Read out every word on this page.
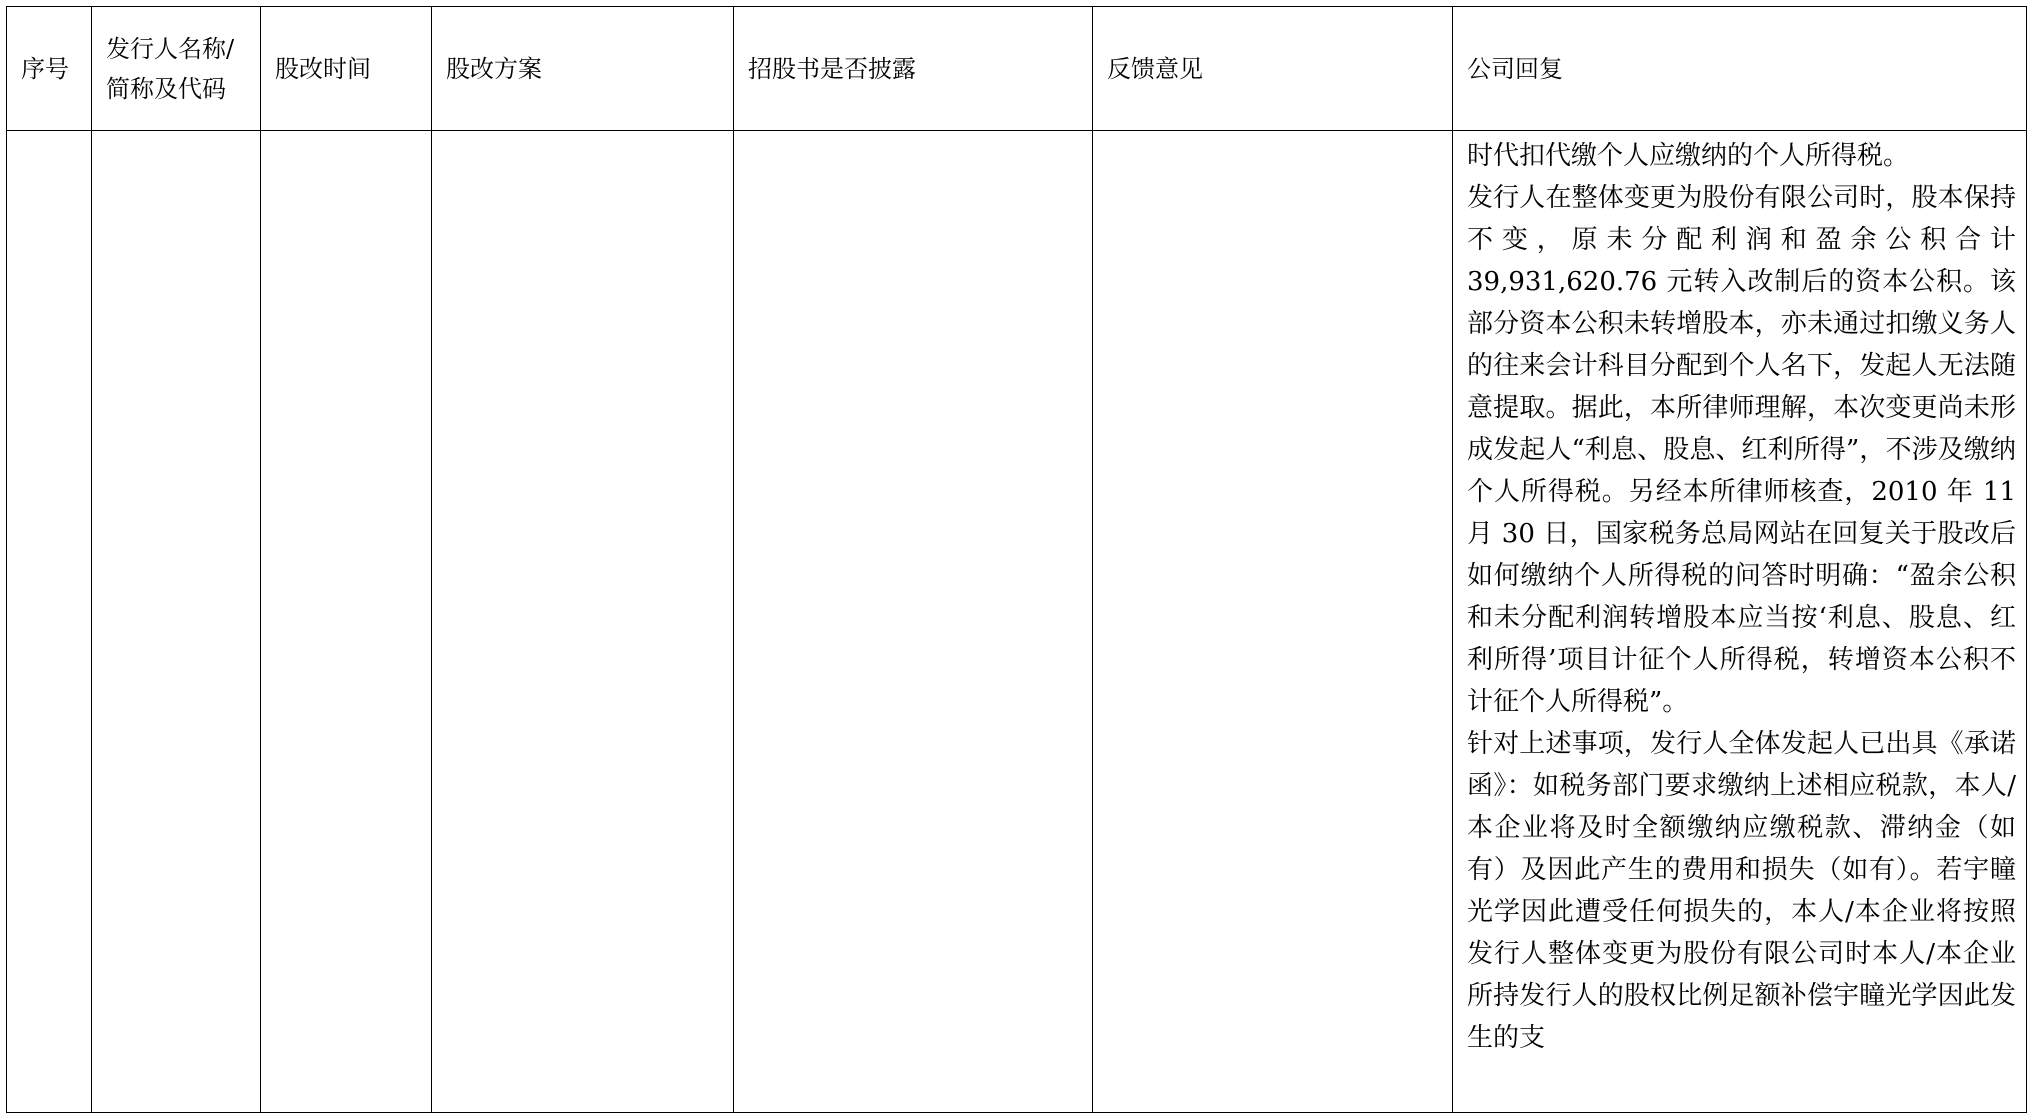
序号	发行人名称/简称及代码	股改时间	股改方案	招股书是否披露	反馈意见	公司回复

						时代扣代缴个人应缴纳的个人所得税。

发行人在整体变更为股份有限公司时，股本保持不变，原未分配利润和盈余公积合计39,931,620.76 元转入改制后的资本公积。该部分资本公积未转增股本，亦未通过扣缴义务人的往来会计科目分配到个人名下，发起人无法随意提取。据此，本所律师理解，本次变更尚未形成发起人“利息、股息、红利所得”，不涉及缴纳个人所得税。另经本所律师核查，2010 年 11 月 30 日，国家税务总局网站在回复关于股改后如何缴纳个人所得税的问答时明确：“盈余公积和未分配利润转增股本应当按‘利息、股息、红利所得’项目计征个人所得税，转增资本公积不计征个人所得税”。

针对上述事项，发行人全体发起人已出具《承诺函》：如税务部门要求缴纳上述相应税款，本人/本企业将及时全额缴纳应缴税款、滞纳金（如有）及因此产生的费用和损失（如有）。若宇瞳光学因此遭受任何损失的，本人/本企业将按照发行人整体变更为股份有限公司时本人/本企业所持发行人的股权比例足额补偿宇瞳光学因此发生的支
